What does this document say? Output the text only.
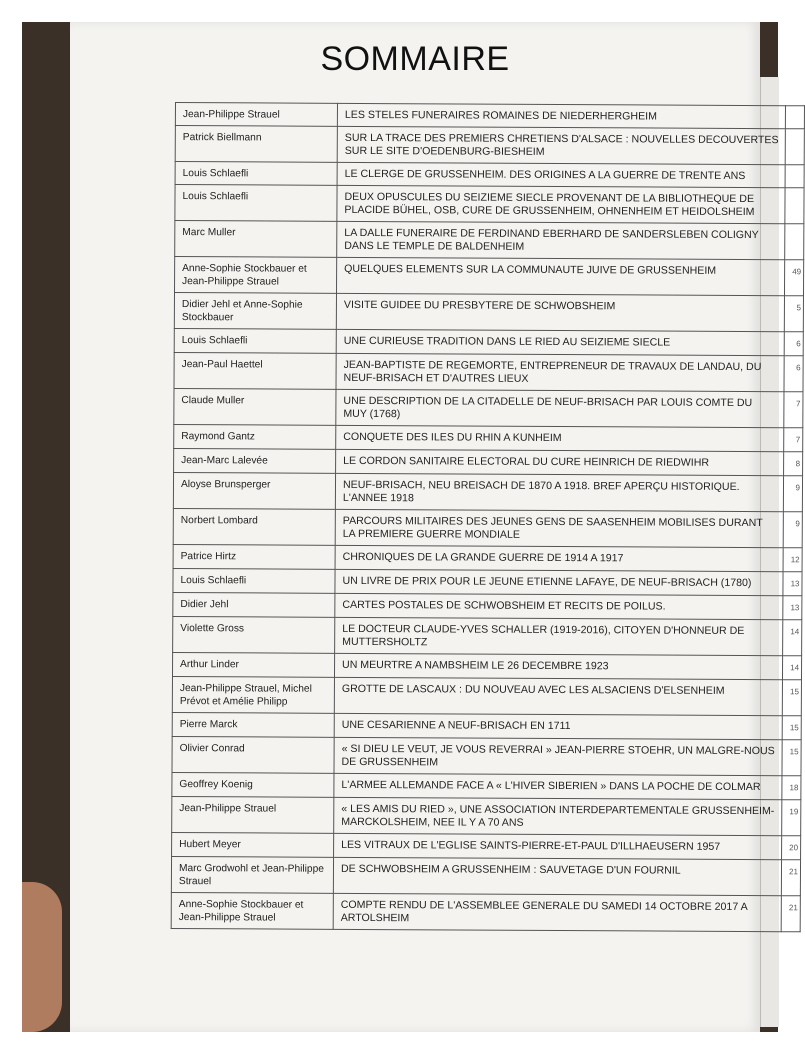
SOMMAIRE
Jean-Philippe Strauel	LES STELES FUNERAIRES ROMAINES DE NIEDERHERGHEIM	
Patrick Biellmann	SUR LA TRACE DES PREMIERS CHRETIENS D'ALSACE : NOUVELLES DECOUVERTES SUR LE SITE D'OEDENBURG-BIESHEIM	
Louis Schlaefli	LE CLERGE DE GRUSSENHEIM. DES ORIGINES A LA GUERRE DE TRENTE ANS	
Louis Schlaefli	DEUX OPUSCULES DU SEIZIEME SIECLE PROVENANT DE LA BIBLIOTHEQUE DE PLACIDE BÜHEL, OSB, CURE DE GRUSSENHEIM, OHNENHEIM ET HEIDOLSHEIM	
Marc Muller	LA DALLE FUNERAIRE DE FERDINAND EBERHARD DE SANDERSLEBEN COLIGNY DANS LE TEMPLE DE BALDENHEIM	
Anne-Sophie Stockbauer et Jean-Philippe Strauel	QUELQUES ELEMENTS SUR LA COMMUNAUTE JUIVE DE GRUSSENHEIM	49
Didier Jehl et Anne-Sophie Stockbauer	VISITE GUIDEE DU PRESBYTERE DE SCHWOBSHEIM	5
Louis Schlaefli	UNE CURIEUSE TRADITION DANS LE RIED AU SEIZIEME SIECLE	6
Jean-Paul Haettel	JEAN-BAPTISTE DE REGEMORTE, ENTREPRENEUR DE TRAVAUX DE LANDAU, DU NEUF-BRISACH ET D'AUTRES LIEUX	6
Claude Muller	UNE DESCRIPTION DE LA CITADELLE DE NEUF-BRISACH PAR LOUIS COMTE DU MUY (1768)	7
Raymond Gantz	CONQUETE DES ILES DU RHIN A KUNHEIM	7
Jean-Marc Lalevée	LE CORDON SANITAIRE ELECTORAL DU CURE HEINRICH DE RIEDWIHR	8
Aloyse Brunsperger	NEUF-BRISACH, NEU BREISACH DE 1870 A 1918. BREF APERÇU HISTORIQUE. L'ANNEE 1918	9
Norbert Lombard	PARCOURS MILITAIRES DES JEUNES GENS DE SAASENHEIM MOBILISES DURANT LA PREMIERE GUERRE MONDIALE	9
Patrice Hirtz	CHRONIQUES DE LA GRANDE GUERRE DE 1914 A 1917	12
Louis Schlaefli	UN LIVRE DE PRIX POUR LE JEUNE ETIENNE LAFAYE, DE NEUF-BRISACH (1780)	13
Didier Jehl	CARTES POSTALES DE SCHWOBSHEIM ET RECITS DE POILUS.	13
Violette Gross	LE DOCTEUR CLAUDE-YVES SCHALLER (1919-2016), CITOYEN D'HONNEUR DE MUTTERSHOLTZ	14
Arthur Linder	UN MEURTRE A NAMBSHEIM LE 26 DECEMBRE 1923	14
Jean-Philippe Strauel, Michel Prévot et Amélie Philipp	GROTTE DE LASCAUX : DU NOUVEAU AVEC LES ALSACIENS D'ELSENHEIM	15
Pierre Marck	UNE CESARIENNE A NEUF-BRISACH EN 1711	15
Olivier Conrad	« SI DIEU LE VEUT, JE VOUS REVERRAI » JEAN-PIERRE STOEHR, UN MALGRE-NOUS DE GRUSSENHEIM	15
Geoffrey Koenig	L'ARMEE ALLEMANDE FACE A « L'HIVER SIBERIEN » DANS LA POCHE DE COLMAR	18
Jean-Philippe Strauel	« LES AMIS DU RIED », UNE ASSOCIATION INTERDEPARTEMENTALE GRUSSENHEIM-MARCKOLSHEIM, NEE IL Y A 70 ANS	19
Hubert Meyer	LES VITRAUX DE L'EGLISE SAINTS-PIERRE-ET-PAUL D'ILLHAEUSERN 1957	20
Marc Grodwohl et Jean-Philippe Strauel	DE SCHWOBSHEIM A GRUSSENHEIM : SAUVETAGE D'UN FOURNIL	21
Anne-Sophie Stockbauer et Jean-Philippe Strauel	COMPTE RENDU DE L'ASSEMBLEE GENERALE DU SAMEDI 14 OCTOBRE 2017 A ARTOLSHEIM	21
